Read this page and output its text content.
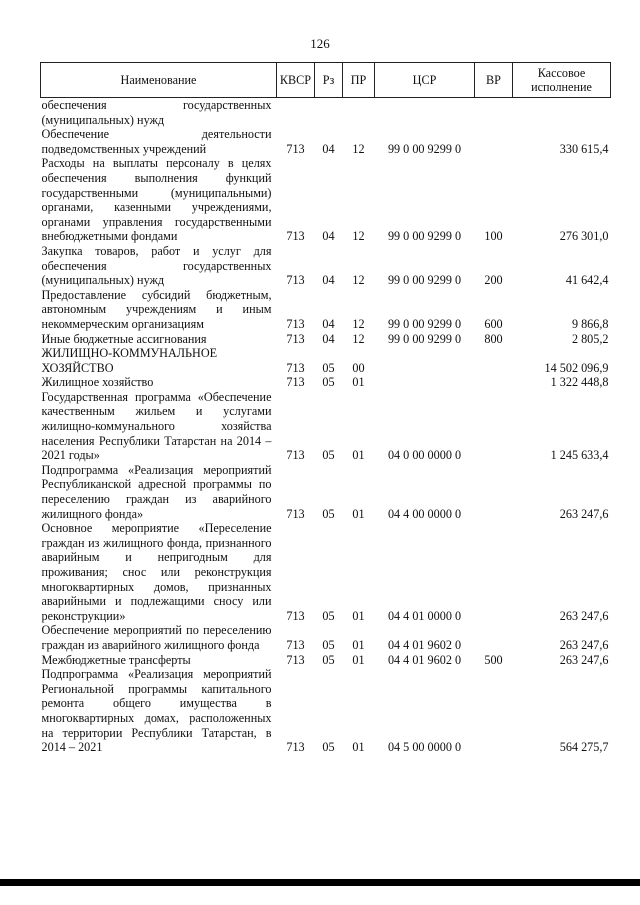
126
Наименование	КВСР	Рз	ПР	ЦСР	ВР	Кассовое исполнение
обеспечения государственных (муниципальных) нужд						
Обеспечение деятельности подведомственных учреждений	713	04	12	99 0 00 9299 0		330 615,4
Расходы на выплаты персоналу в целях обеспечения выполнения функций государственными (муниципальными) органами, казенными учреждениями, органами управления государственными внебюджетными фондами	713	04	12	99 0 00 9299 0	100	276 301,0
Закупка товаров, работ и услуг для обеспечения государственных (муниципальных) нужд	713	04	12	99 0 00 9299 0	200	41 642,4
Предоставление субсидий бюджетным, автономным учреждениям и иным некоммерческим организациям	713	04	12	99 0 00 9299 0	600	9 866,8
Иные бюджетные ассигнования	713	04	12	99 0 00 9299 0	800	2 805,2
ЖИЛИЩНО-КОММУНАЛЬНОЕ ХОЗЯЙСТВО	713	05	00			14 502 096,9
Жилищное хозяйство	713	05	01			1 322 448,8
Государственная программа «Обеспечение качественным жильем и услугами жилищно-коммунального хозяйства населения Республики Татарстан на 2014 – 2021 годы»	713	05	01	04 0 00 0000 0		1 245 633,4
Подпрограмма «Реализация мероприятий Республиканской адресной программы по переселению граждан из аварийного жилищного фонда»	713	05	01	04 4 00 0000 0		263 247,6
Основное мероприятие «Переселение граждан из жилищного фонда, признанного аварийным и непригодным для проживания; снос или реконструкция многоквартирных домов, признанных аварийными и подлежащими сносу или реконструкции»	713	05	01	04 4 01 0000 0		263 247,6
Обеспечение мероприятий по переселению граждан из аварийного жилищного фонда	713	05	01	04 4 01 9602 0		263 247,6
Межбюджетные трансферты	713	05	01	04 4 01 9602 0	500	263 247,6
Подпрограмма «Реализация мероприятий Региональной программы капитального ремонта общего имущества в многоквартирных домах, расположенных на территории Республики Татарстан, в 2014 – 2021	713	05	01	04 5 00 0000 0		564 275,7
